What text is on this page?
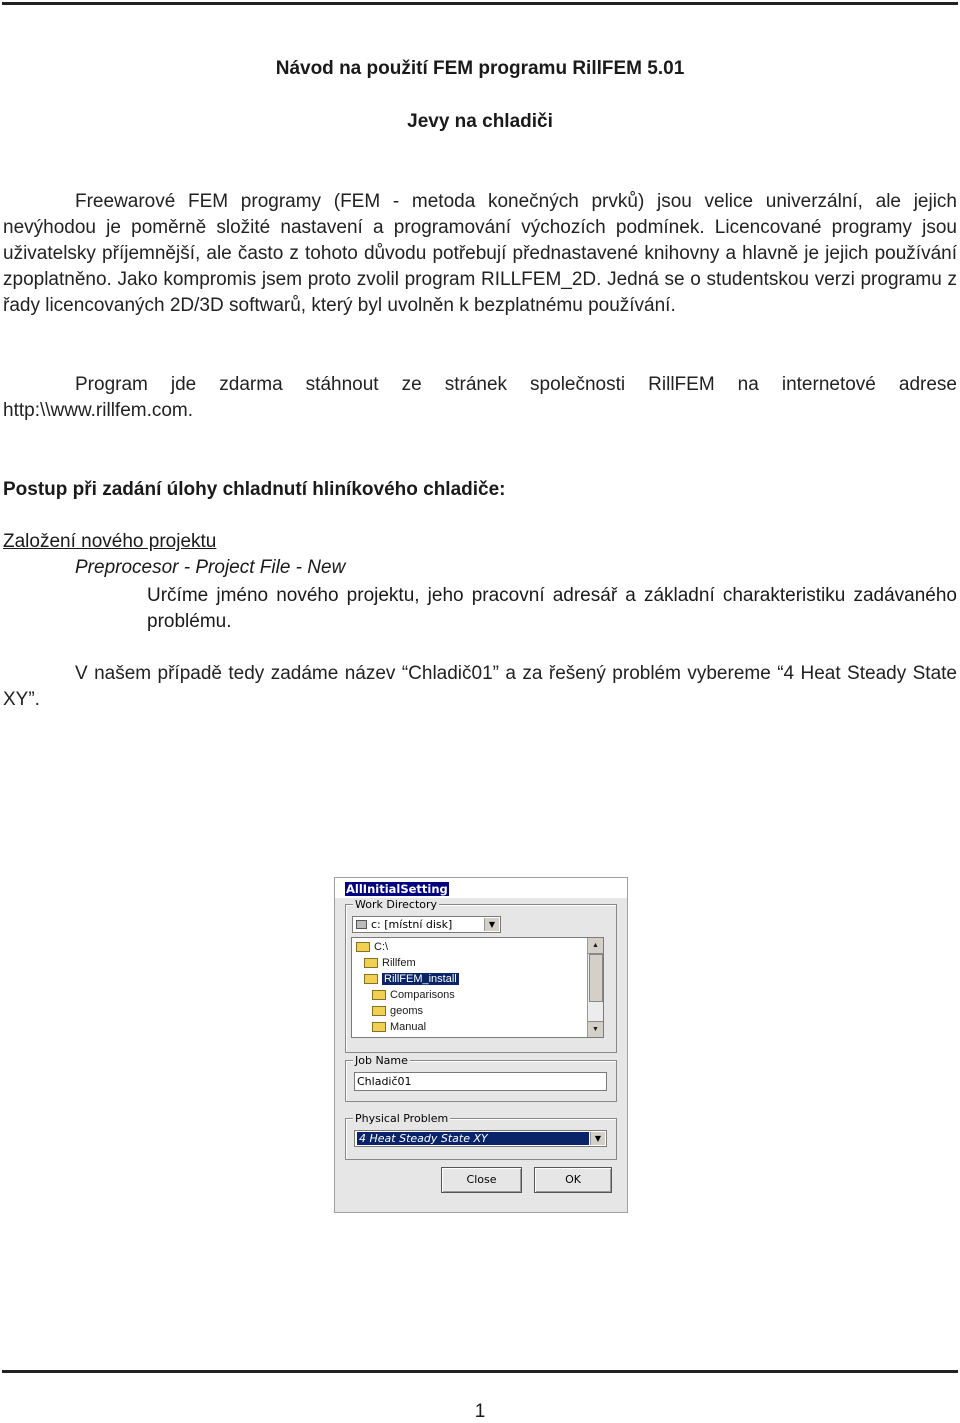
Návod na použití FEM programu RillFEM 5.01
Jevy na chladiči
Freewarové FEM programy (FEM - metoda konečných prvků) jsou velice univerzální, ale jejich nevýhodou je poměrně složité nastavení a programování výchozích podmínek. Licencované programy jsou uživatelsky příjemnější, ale často z tohoto důvodu potřebují přednastavené knihovny a hlavně je jejich používání zpoplatněno. Jako kompromis jsem proto zvolil program RILLFEM_2D. Jedná se o studentskou verzi programu z řady licencovaných 2D/3D softwarů, který byl uvolněn k bezplatnému používání.
Program jde zdarma stáhnout ze stránek společnosti RillFEM na internetové adrese http:\\www.rillfem.com.
Postup při zadání úlohy chladnutí hliníkového chladiče:
Založení nového projektu
Preprocesor - Project File - New
Určíme jméno nového projektu, jeho pracovní adresář a základní charakteristiku zadávaného problému.
V našem případě tedy zadáme název “Chladič01” a za řešený problém vybereme “4 Heat Steady State XY”.
AllInitialSetting
Work Directory
c: [místní disk]	▼
Job Name
Chladič01
Physical Problem
4 Heat Steady State XY	▼
Close	OK
C:\
Rillfem
RillFEM_install
Comparisons
geoms
Manual
▲
▼
1
